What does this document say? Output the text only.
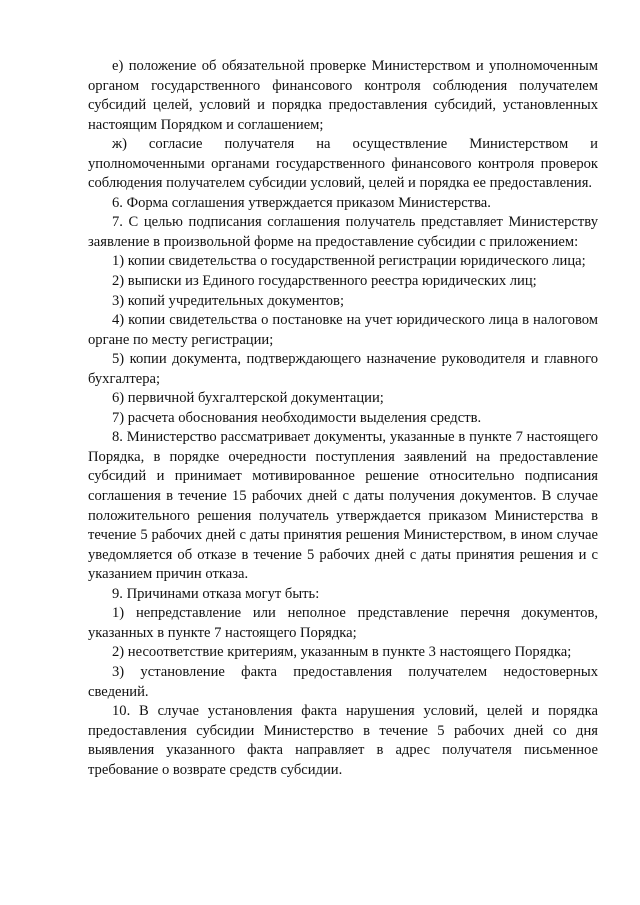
е) положение об обязательной проверке Министерством и уполномоченным органом государственного финансового контроля соблюдения получателем субсидий целей, условий и порядка предоставления субсидий, установленных настоящим Порядком и соглашением;

ж) согласие получателя на осуществление Министерством и уполномоченными органами государственного финансового контроля проверок соблюдения получателем субсидии условий, целей и порядка ее предоставления.

6. Форма соглашения утверждается приказом Министерства.

7. С целью подписания соглашения получатель представляет Министерству заявление в произвольной форме на предоставление субсидии с приложением:

1) копии свидетельства о государственной регистрации юридического лица;

2) выписки из Единого государственного реестра юридических лиц;

3) копий учредительных документов;

4) копии свидетельства о постановке на учет юридического лица в налоговом органе по месту регистрации;

5) копии документа, подтверждающего назначение руководителя и главного бухгалтера;

6) первичной бухгалтерской документации;

7) расчета обоснования необходимости выделения средств.

8. Министерство рассматривает документы, указанные в пункте 7 настоящего Порядка, в порядке очередности поступления заявлений на предоставление субсидий и принимает мотивированное решение относительно подписания соглашения в течение 15 рабочих дней с даты получения документов. В случае положительного решения получатель утверждается приказом Министерства в течение 5 рабочих дней с даты принятия решения Министерством, в ином случае уведомляется об отказе в течение 5 рабочих дней с даты принятия решения и с указанием причин отказа.

9. Причинами отказа могут быть:

1) непредставление или неполное представление перечня документов, указанных в пункте 7 настоящего Порядка;

2) несоответствие критериям, указанным в пункте 3 настоящего Порядка;

3) установление факта предоставления получателем недостоверных сведений.

10. В случае установления факта нарушения условий, целей и порядка предоставления субсидии Министерство в течение 5 рабочих дней со дня выявления указанного факта направляет в адрес получателя письменное требование о возврате средств субсидии.
